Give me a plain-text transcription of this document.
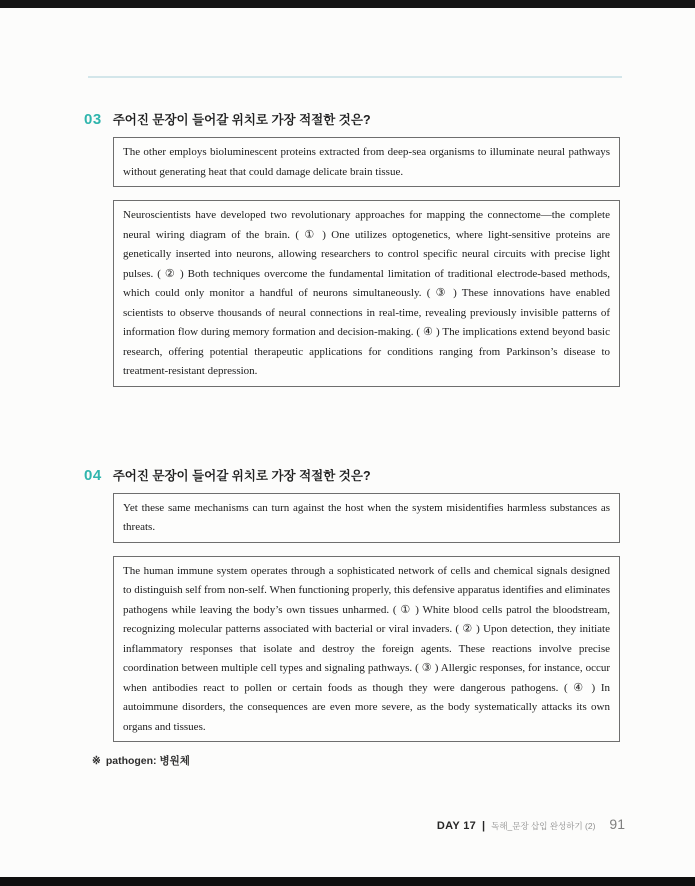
03 주어진 문장이 들어갈 위치로 가장 적절한 것은?
The other employs bioluminescent proteins extracted from deep-sea organisms to illuminate neural pathways without generating heat that could damage delicate brain tissue.
Neuroscientists have developed two revolutionary approaches for mapping the connectome—the complete neural wiring diagram of the brain. ( ① ) One utilizes optogenetics, where light-sensitive proteins are genetically inserted into neurons, allowing researchers to control specific neural circuits with precise light pulses. ( ② ) Both techniques overcome the fundamental limitation of traditional electrode-based methods, which could only monitor a handful of neurons simultaneously. ( ③ ) These innovations have enabled scientists to observe thousands of neural connections in real-time, revealing previously invisible patterns of information flow during memory formation and decision-making. ( ④ ) The implications extend beyond basic research, offering potential therapeutic applications for conditions ranging from Parkinson’s disease to treatment-resistant depression.
04 주어진 문장이 들어갈 위치로 가장 적절한 것은?
Yet these same mechanisms can turn against the host when the system misidentifies harmless substances as threats.
The human immune system operates through a sophisticated network of cells and chemical signals designed to distinguish self from non-self. When functioning properly, this defensive apparatus identifies and eliminates pathogens while leaving the body’s own tissues unharmed. ( ① ) White blood cells patrol the bloodstream, recognizing molecular patterns associated with bacterial or viral invaders. ( ② ) Upon detection, they initiate inflammatory responses that isolate and destroy the foreign agents. These reactions involve precise coordination between multiple cell types and signaling pathways. ( ③ ) Allergic responses, for instance, occur when antibodies react to pollen or certain foods as though they were dangerous pathogens. ( ④ ) In autoimmune disorders, the consequences are even more severe, as the body systematically attacks its own organs and tissues.
※ pathogen: 병원체
DAY 17 | 독해_문장 삽입 완성하기 (2) 91
